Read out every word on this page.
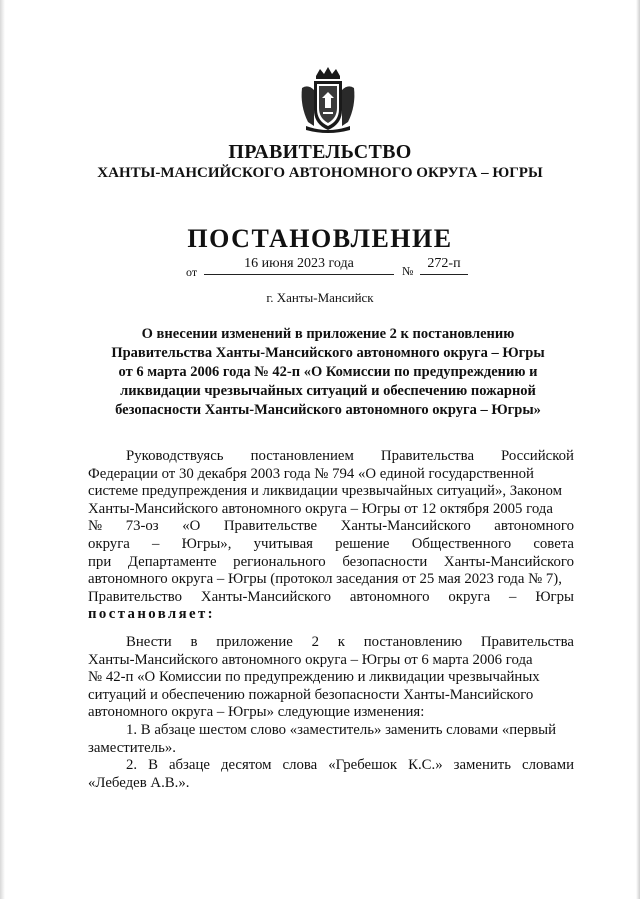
ПРАВИТЕЛЬСТВО
ХАНТЫ-МАНСИЙСКОГО АВТОНОМНОГО ОКРУГА – ЮГРЫ
ПОСТАНОВЛЕНИЕ
от
16 июня 2023 года	№ 272-п
г. Ханты-Мансийск
О внесении изменений в приложение 2 к постановлению
Правительства Ханты-Мансийского автономного округа – Югры
от 6 марта 2006 года № 42-п «О Комиссии по предупреждению и
ликвидации чрезвычайных ситуаций и обеспечению пожарной
безопасности Ханты-Мансийского автономного округа – Югры»
Руководствуясь постановлением Правительства Российской
Федерации от 30 декабря 2003 года № 794 «О единой государственной
системе предупреждения и ликвидации чрезвычайных ситуаций», Законом
Ханты-Мансийского автономного округа – Югры от 12 октября 2005 года
№ 73-оз «О Правительстве Ханты-Мансийского автономного
округа – Югры», учитывая решение Общественного совета
при Департаменте регионального безопасности Ханты-Мансийского
автономного округа – Югры (протокол заседания от 25 мая 2023 года № 7),
Правительство Ханты-Мансийского автономного округа – Югры
постановляет:
Внести в приложение 2 к постановлению Правительства
Ханты-Мансийского автономного округа – Югры от 6 марта 2006 года
№ 42-п «О Комиссии по предупреждению и ликвидации чрезвычайных
ситуаций и обеспечению пожарной безопасности Ханты-Мансийского
автономного округа – Югры» следующие изменения:
1. В абзаце шестом слово «заместитель» заменить словами «первый
заместитель».
2. В абзаце десятом слова «Гребешок К.С.» заменить словами
«Лебедев А.В.».
